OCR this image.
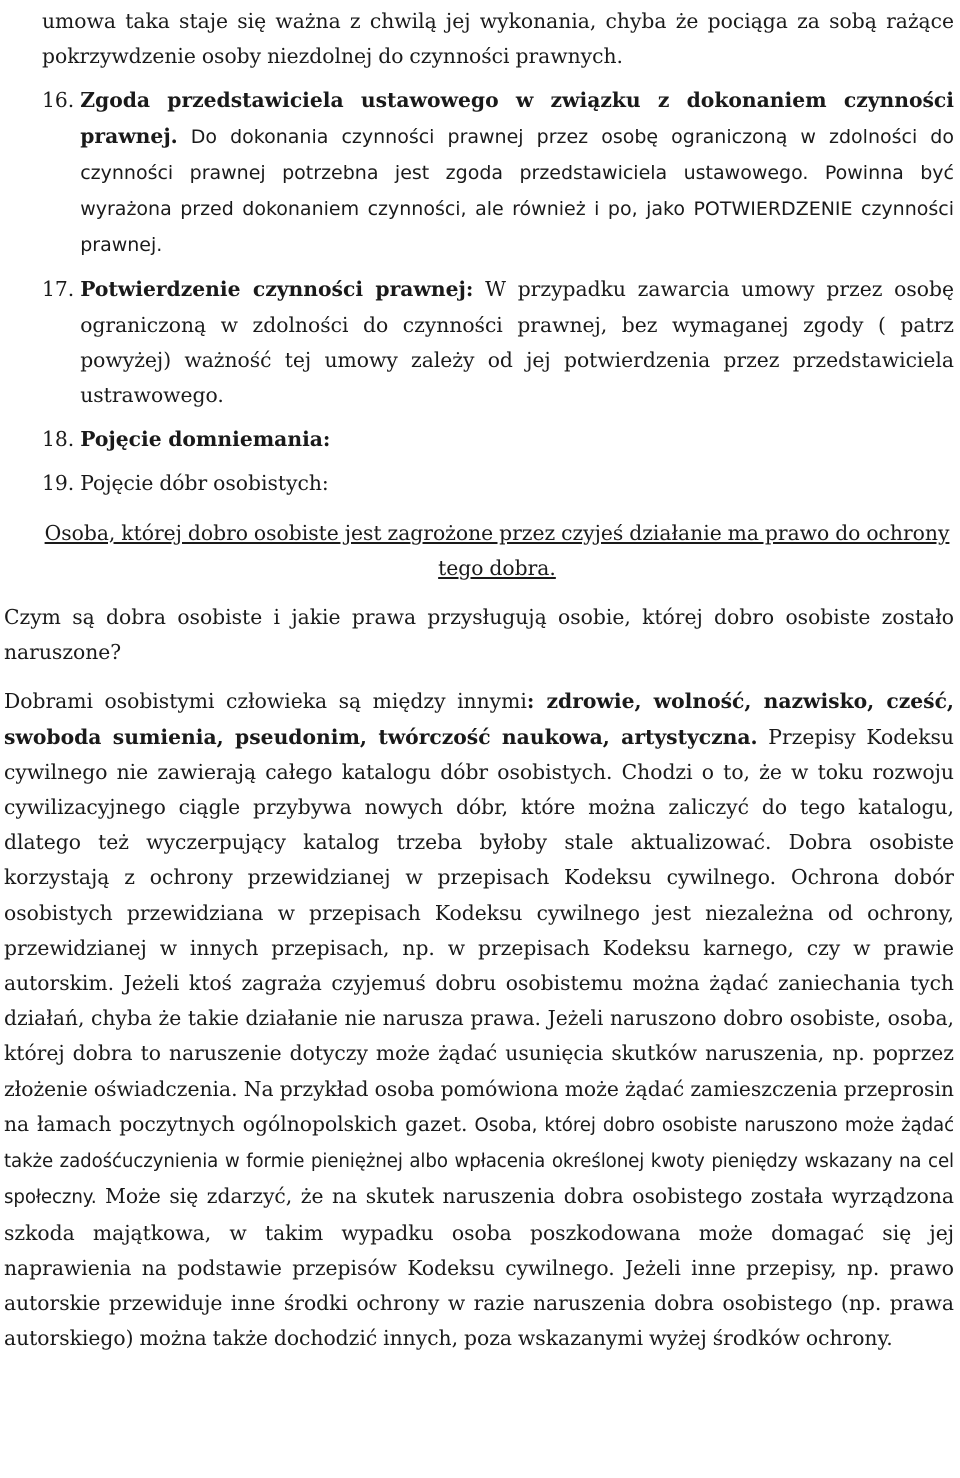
umowa taka staje się ważna z chwilą jej wykonania, chyba że pociąga za sobą rażące pokrzywdzenie osoby niezdolnej do czynności prawnych.

16. Zgoda przedstawiciela ustawowego w związku z dokonaniem czynności prawnej. Do dokonania czynności prawnej przez osobę ograniczoną w zdolności do czynności prawnej potrzebna jest zgoda przedstawiciela ustawowego. Powinna być wyrażona przed dokonaniem czynności, ale również i po, jako POTWIERDZENIE czynności prawnej.
17. Potwierdzenie czynności prawnej: W przypadku zawarcia umowy przez osobę ograniczoną w zdolności do czynności prawnej, bez wymaganej zgody ( patrz powyżej) ważność tej umowy zależy od jej potwierdzenia przez przedstawiciela ustrawowego.
18. Pojęcie domniemania:
19. Pojęcie dóbr osobistych:

Osoba, której dobro osobiste jest zagrożone przez czyjeś działanie ma prawo do ochrony tego dobra.

Czym są dobra osobiste i jakie prawa przysługują osobie, której dobro osobiste zostało naruszone?

Dobrami osobistymi człowieka są między innymi: zdrowie, wolność, nazwisko, cześć, swoboda sumienia, pseudonim, twórczość naukowa, artystyczna. Przepisy Kodeksu cywilnego nie zawierają całego katalogu dóbr osobistych. Chodzi o to, że w toku rozwoju cywilizacyjnego ciągle przybywa nowych dóbr, które można zaliczyć do tego katalogu, dlatego też wyczerpujący katalog trzeba byłoby stale aktualizować. Dobra osobiste korzystają z ochrony przewidzianej w przepisach Kodeksu cywilnego. Ochrona dobór osobistych przewidziana w przepisach Kodeksu cywilnego jest niezależna od ochrony, przewidzianej w innych przepisach, np. w przepisach Kodeksu karnego, czy w prawie autorskim. Jeżeli ktoś zagraża czyjemuś dobru osobistemu można żądać zaniechania tych działań, chyba że takie działanie nie narusza prawa. Jeżeli naruszono dobro osobiste, osoba, której dobra to naruszenie dotyczy może żądać usunięcia skutków naruszenia, np. poprzez złożenie oświadczenia. Na przykład osoba pomówiona może żądać zamieszczenia przeprosin na łamach poczytnych ogólnopolskich gazet. Osoba, której dobro osobiste naruszono może żądać także zadośćuczynienia w formie pieniężnej albo wpłacenia określonej kwoty pieniędzy wskazany na cel społeczny. Może się zdarzyć, że na skutek naruszenia dobra osobistego została wyrządzona szkoda majątkowa, w takim wypadku osoba poszkodowana może domagać się jej naprawienia na podstawie przepisów Kodeksu cywilnego. Jeżeli inne przepisy, np. prawo autorskie przewiduje inne środki ochrony w razie naruszenia dobra osobistego (np. prawa autorskiego) można także dochodzić innych, poza wskazanymi wyżej środków ochrony.
